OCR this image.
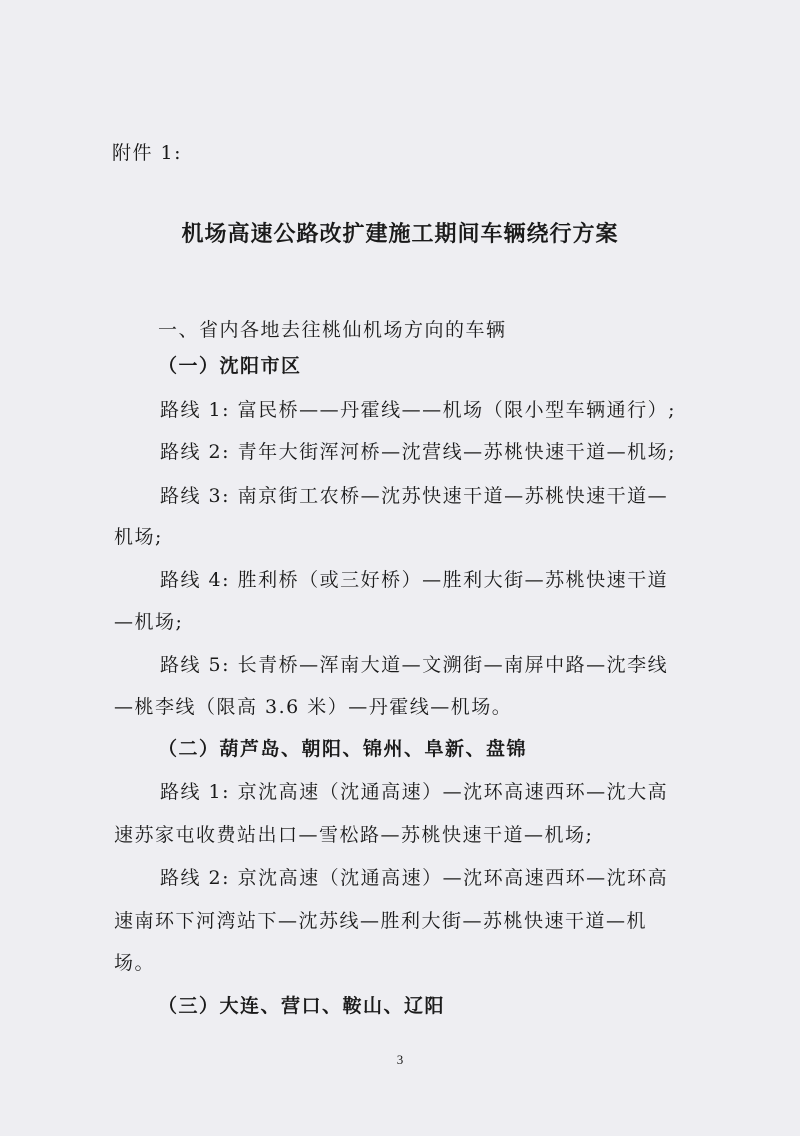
附件 1:
机场高速公路改扩建施工期间车辆绕行方案
一、省内各地去往桃仙机场方向的车辆
（一）沈阳市区
路线 1: 富民桥——丹霍线——机场（限小型车辆通行）;
路线 2: 青年大街浑河桥—沈营线—苏桃快速干道—机场;
路线 3: 南京街工农桥—沈苏快速干道—苏桃快速干道—
机场;
路线 4: 胜利桥（或三好桥）—胜利大街—苏桃快速干道
—机场;
路线 5: 长青桥—浑南大道—文溯街—南屏中路—沈李线
—桃李线（限高 3.6 米）—丹霍线—机场。
（二）葫芦岛、朝阳、锦州、阜新、盘锦
路线 1: 京沈高速（沈通高速）—沈环高速西环—沈大高
速苏家屯收费站出口—雪松路—苏桃快速干道—机场;
路线 2: 京沈高速（沈通高速）—沈环高速西环—沈环高
速南环下河湾站下—沈苏线—胜利大街—苏桃快速干道—机
场。
（三）大连、营口、鞍山、辽阳
3
